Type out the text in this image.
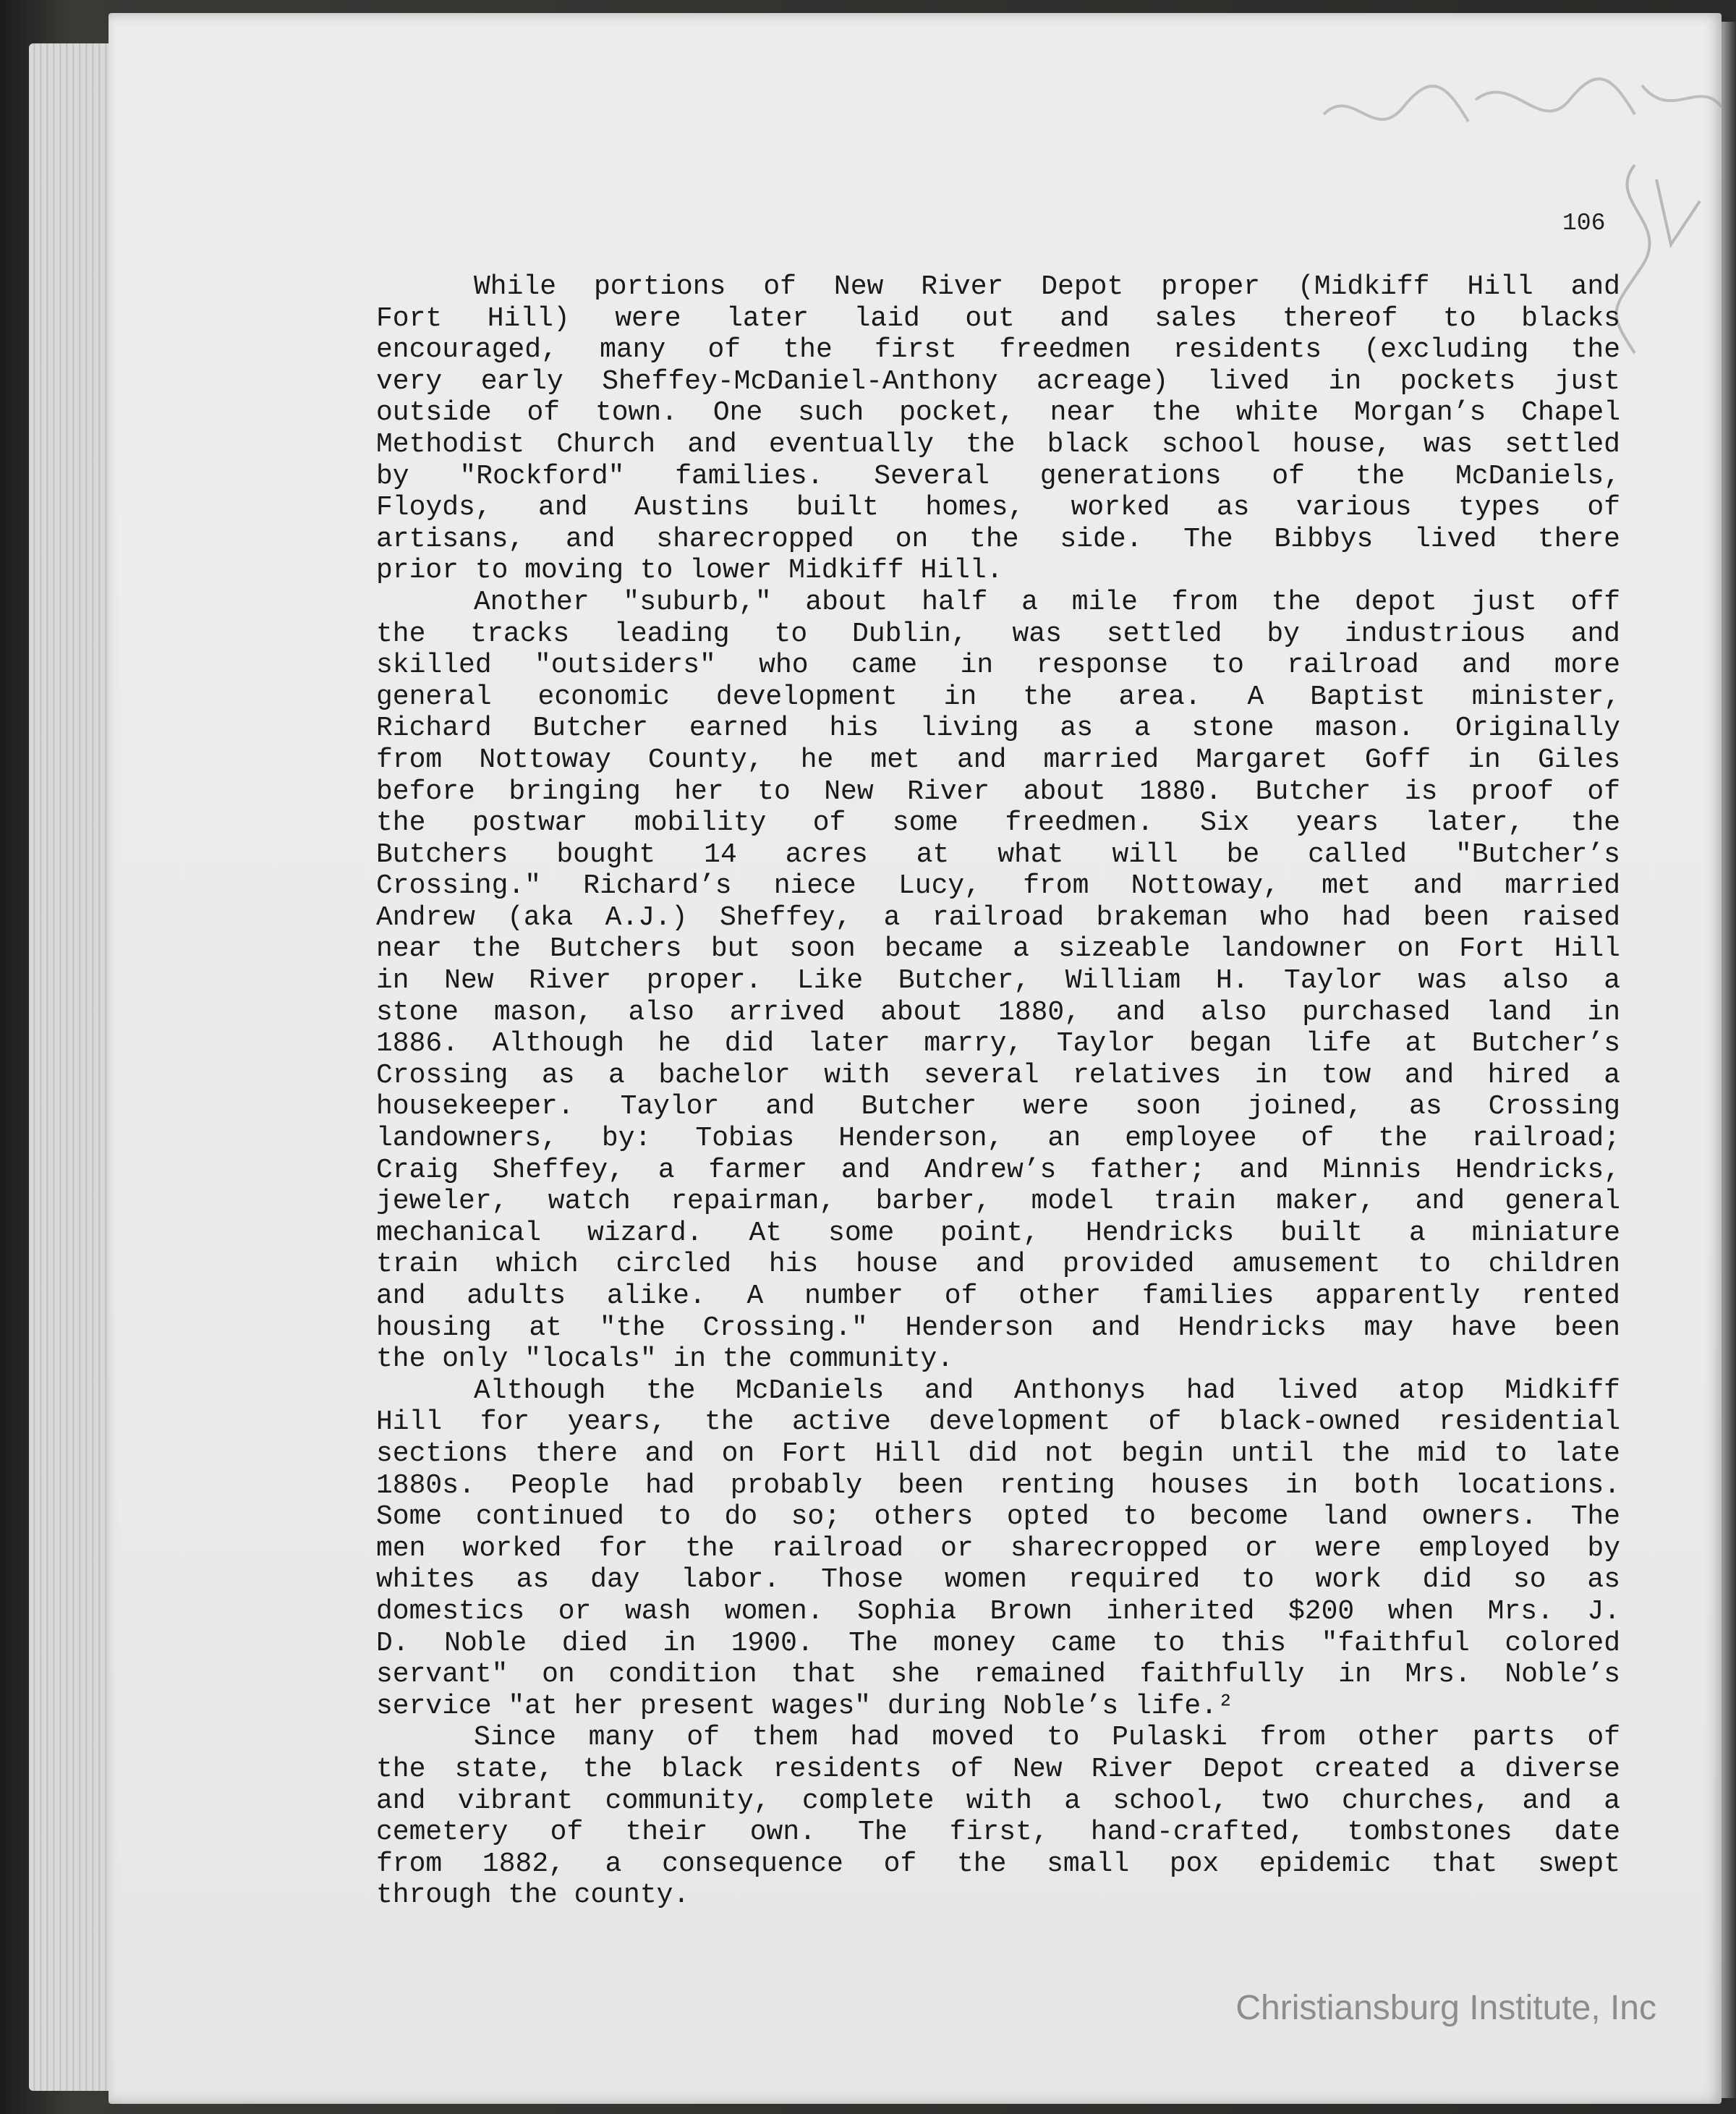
106
While portions of New River Depot proper (Midkiff Hill and
Fort Hill) were later laid out and sales thereof to blacks
encouraged, many of the first freedmen residents (excluding the
very early Sheffey-McDaniel-Anthony acreage) lived in pockets just
outside of town. One such pocket, near the white Morgan’s Chapel
Methodist Church and eventually the black school house, was settled
by "Rockford" families. Several generations of the McDaniels,
Floyds, and Austins built homes, worked as various types of
artisans, and sharecropped on the side. The Bibbys lived there
prior to moving to lower Midkiff Hill.
Another "suburb," about half a mile from the depot just off
the tracks leading to Dublin, was settled by industrious and
skilled "outsiders" who came in response to railroad and more
general economic development in the area. A Baptist minister,
Richard Butcher earned his living as a stone mason. Originally
from Nottoway County, he met and married Margaret Goff in Giles
before bringing her to New River about 1880. Butcher is proof of
the postwar mobility of some freedmen. Six years later, the
Butchers bought 14 acres at what will be called "Butcher’s
Crossing." Richard’s niece Lucy, from Nottoway, met and married
Andrew (aka A.J.) Sheffey, a railroad brakeman who had been raised
near the Butchers but soon became a sizeable landowner on Fort Hill
in New River proper. Like Butcher, William H. Taylor was also a
stone mason, also arrived about 1880, and also purchased land in
1886. Although he did later marry, Taylor began life at Butcher’s
Crossing as a bachelor with several relatives in tow and hired a
housekeeper. Taylor and Butcher were soon joined, as Crossing
landowners, by: Tobias Henderson, an employee of the railroad;
Craig Sheffey, a farmer and Andrew’s father; and Minnis Hendricks,
jeweler, watch repairman, barber, model train maker, and general
mechanical wizard. At some point, Hendricks built a miniature
train which circled his house and provided amusement to children
and adults alike. A number of other families apparently rented
housing at "the Crossing." Henderson and Hendricks may have been
the only "locals" in the community.
Although the McDaniels and Anthonys had lived atop Midkiff
Hill for years, the active development of black-owned residential
sections there and on Fort Hill did not begin until the mid to late
1880s. People had probably been renting houses in both locations.
Some continued to do so; others opted to become land owners. The
men worked for the railroad or sharecropped or were employed by
whites as day labor. Those women required to work did so as
domestics or wash women. Sophia Brown inherited $200 when Mrs. J.
D. Noble died in 1900. The money came to this "faithful colored
servant" on condition that she remained faithfully in Mrs. Noble’s
service "at her present wages" during Noble’s life.²
Since many of them had moved to Pulaski from other parts of
the state, the black residents of New River Depot created a diverse
and vibrant community, complete with a school, two churches, and a
cemetery of their own. The first, hand-crafted, tombstones date
from 1882, a consequence of the small pox epidemic that swept
through the county.
Christiansburg Institute, Inc
